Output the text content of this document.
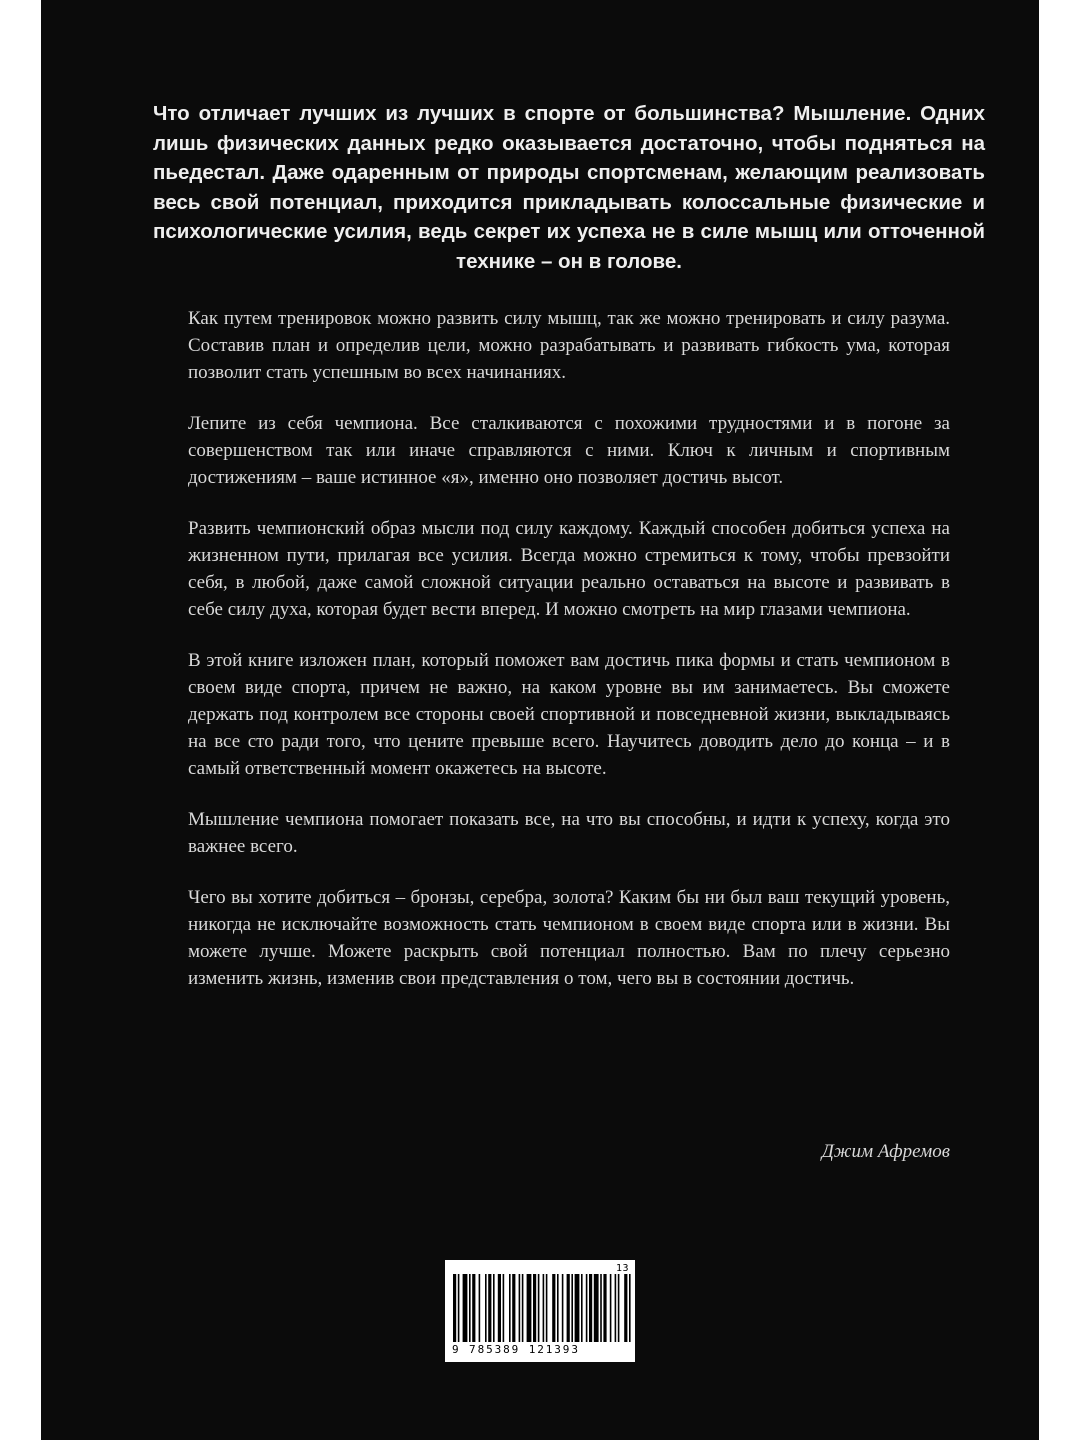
Что отличает лучших из лучших в спорте от большинства? Мышление. Одних лишь физических данных редко оказывается достаточно, чтобы подняться на пьедестал. Даже одаренным от природы спортсменам, желающим реализовать весь свой потенциал, приходится прикладывать колоссальные физические и психологические усилия, ведь секрет их успеха не в силе мышц или отточенной технике – он в голове.

Как путем тренировок можно развить силу мышц, так же можно тренировать и силу разума. Составив план и определив цели, можно разрабатывать и развивать гибкость ума, которая позволит стать успешным во всех начинаниях.

Лепите из себя чемпиона. Все сталкиваются с похожими трудностями и в погоне за совершенством так или иначе справляются с ними. Ключ к личным и спортивным достижениям – ваше истинное «я», именно оно позволяет достичь высот.

Развить чемпионский образ мысли под силу каждому. Каждый способен добиться успеха на жизненном пути, прилагая все усилия. Всегда можно стремиться к тому, чтобы превзойти себя, в любой, даже самой сложной ситуации реально оставаться на высоте и развивать в себе силу духа, которая будет вести вперед. И можно смотреть на мир глазами чемпиона.

В этой книге изложен план, который поможет вам достичь пика формы и стать чемпионом в своем виде спорта, причем не важно, на каком уровне вы им занимаетесь. Вы сможете держать под контролем все стороны своей спортивной и повседневной жизни, выкладываясь на все сто ради того, что цените превыше всего. Научитесь доводить дело до конца – и в самый ответственный момент окажетесь на высоте.

Мышление чемпиона помогает показать все, на что вы способны, и идти к успеху, когда это важнее всего.

Чего вы хотите добиться – бронзы, серебра, золота? Каким бы ни был ваш текущий уровень, никогда не исключайте возможность стать чемпионом в своем виде спорта или в жизни. Вы можете лучше. Можете раскрыть свой потенциал полностью. Вам по плечу серьезно изменить жизнь, изменив свои представления о том, чего вы в состоянии достичь.

Джим Афремов
13
9 785389 121393
